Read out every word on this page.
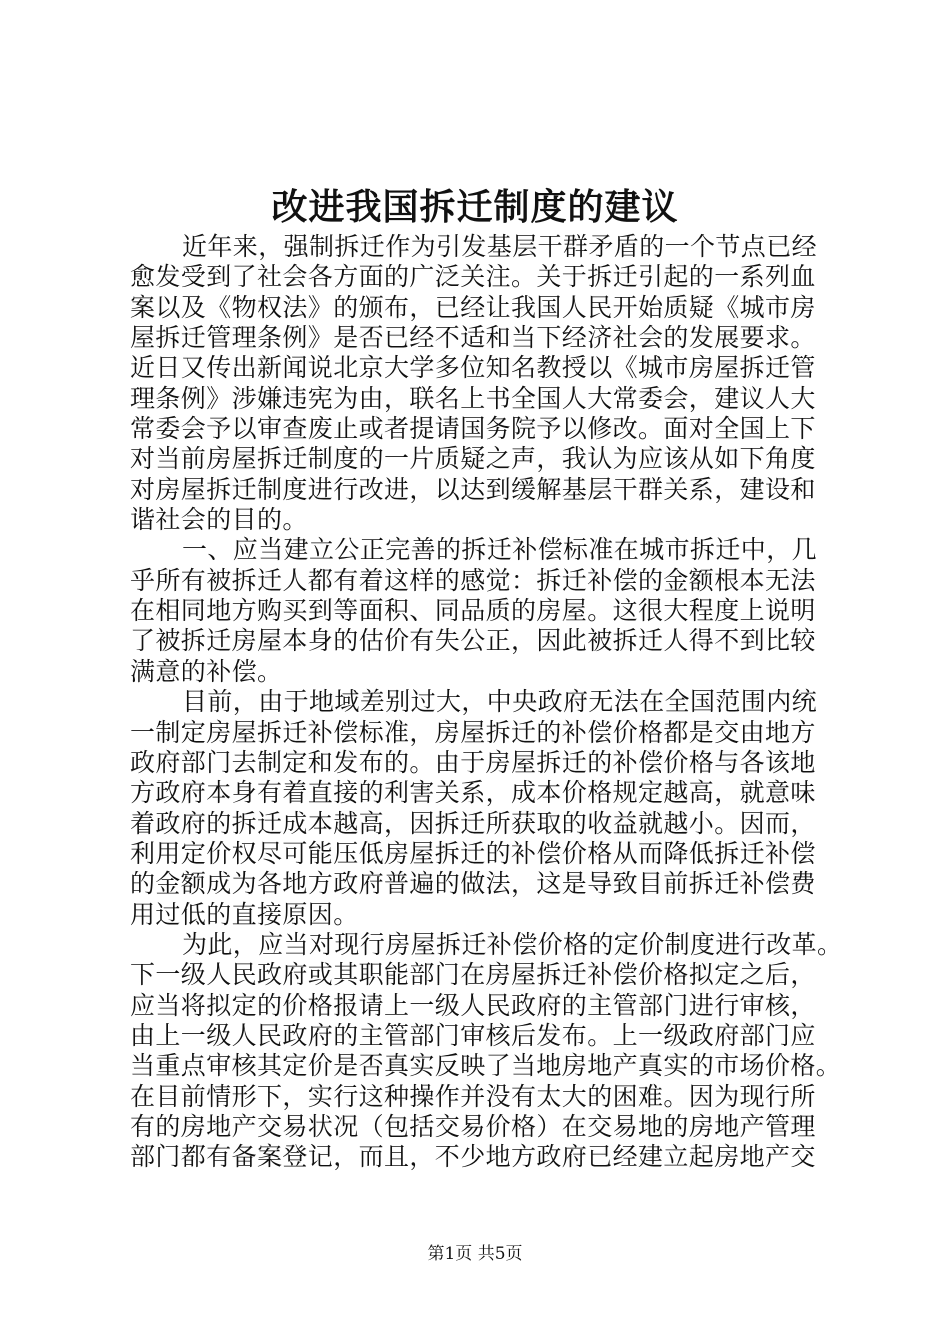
改进我国拆迁制度的建议
近年来，强制拆迁作为引发基层干群矛盾的一个节点已经
愈发受到了社会各方面的广泛关注。关于拆迁引起的一系列血
案以及《物权法》的颁布，已经让我国人民开始质疑《城市房
屋拆迁管理条例》是否已经不适和当下经济社会的发展要求。
近日又传出新闻说北京大学多位知名教授以《城市房屋拆迁管
理条例》涉嫌违宪为由，联名上书全国人大常委会，建议人大
常委会予以审查废止或者提请国务院予以修改。面对全国上下
对当前房屋拆迁制度的一片质疑之声，我认为应该从如下角度
对房屋拆迁制度进行改进，以达到缓解基层干群关系，建设和
谐社会的目的。
一、应当建立公正完善的拆迁补偿标准在城市拆迁中，几
乎所有被拆迁人都有着这样的感觉：拆迁补偿的金额根本无法
在相同地方购买到等面积、同品质的房屋。这很大程度上说明
了被拆迁房屋本身的估价有失公正，因此被拆迁人得不到比较
满意的补偿。
目前，由于地域差别过大，中央政府无法在全国范围内统
一制定房屋拆迁补偿标准，房屋拆迁的补偿价格都是交由地方
政府部门去制定和发布的。由于房屋拆迁的补偿价格与各该地
方政府本身有着直接的利害关系，成本价格规定越高，就意味
着政府的拆迁成本越高，因拆迁所获取的收益就越小。因而，
利用定价权尽可能压低房屋拆迁的补偿价格从而降低拆迁补偿
的金额成为各地方政府普遍的做法，这是导致目前拆迁补偿费
用过低的直接原因。
为此，应当对现行房屋拆迁补偿价格的定价制度进行改革。
下一级人民政府或其职能部门在房屋拆迁补偿价格拟定之后，
应当将拟定的价格报请上一级人民政府的主管部门进行审核，
由上一级人民政府的主管部门审核后发布。上一级政府部门应
当重点审核其定价是否真实反映了当地房地产真实的市场价格。
在目前情形下，实行这种操作并没有太大的困难。因为现行所
有的房地产交易状况（包括交易价格）在交易地的房地产管理
部门都有备案登记，而且，不少地方政府已经建立起房地产交
第1页 共5页
